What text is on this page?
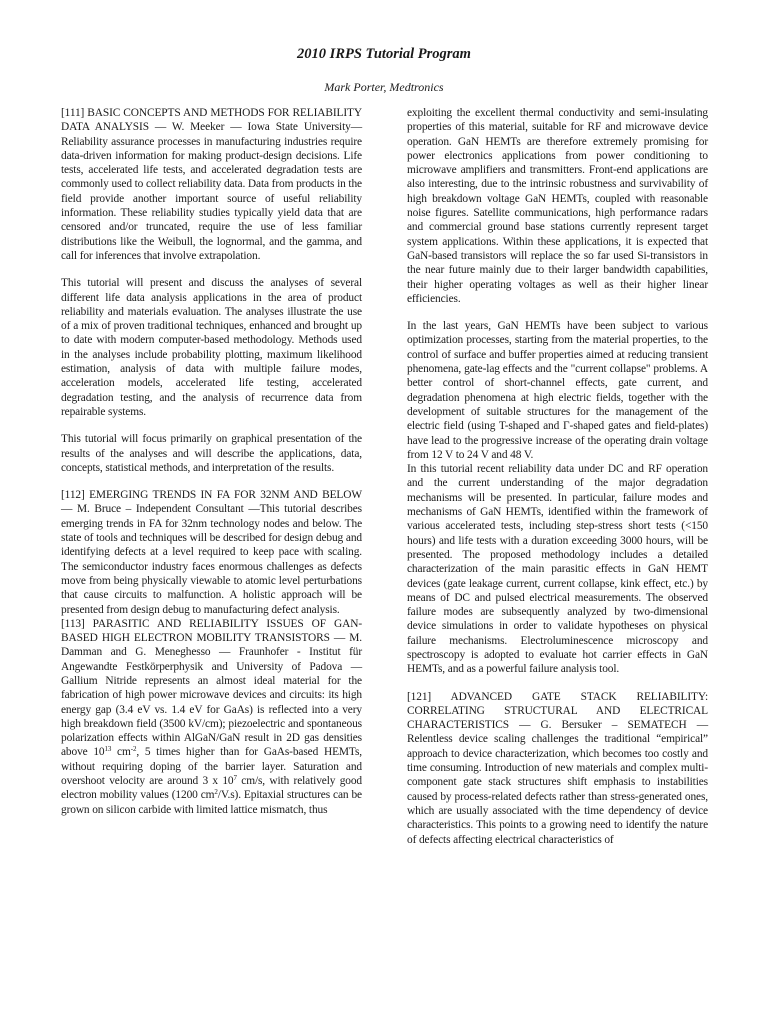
2010 IRPS Tutorial Program
Mark Porter, Medtronics

[111] BASIC CONCEPTS AND METHODS FOR RELIABILITY DATA ANALYSIS — W. Meeker — Iowa State University—Reliability assurance processes in manufacturing industries require data-driven information for making product-design decisions. Life tests, accelerated life tests, and accelerated degradation tests are commonly used to collect reliability data. Data from products in the field provide another important source of useful reliability information. These reliability studies typically yield data that are censored and/or truncated, require the use of less familiar distributions like the Weibull, the lognormal, and the gamma, and call for inferences that involve extrapolation.

This tutorial will present and discuss the analyses of several different life data analysis applications in the area of product reliability and materials evaluation. The analyses illustrate the use of a mix of proven traditional techniques, enhanced and brought up to date with modern computer-based methodology. Methods used in the analyses include probability plotting, maximum likelihood estimation, analysis of data with multiple failure modes, acceleration models, accelerated life testing, accelerated degradation testing, and the analysis of recurrence data from repairable systems.

This tutorial will focus primarily on graphical presentation of the results of the analyses and will describe the applications, data, concepts, statistical methods, and interpretation of the results.

[112] EMERGING TRENDS IN FA FOR 32NM AND BELOW — M. Bruce – Independent Consultant —This tutorial describes emerging trends in FA for 32nm technology nodes and below. The state of tools and techniques will be described for design debug and identifying defects at a level required to keep pace with scaling. The semiconductor industry faces enormous challenges as defects move from being physically viewable to atomic level perturbations that cause circuits to malfunction. A holistic approach will be presented from design debug to manufacturing defect analysis.

[113] PARASITIC AND RELIABILITY ISSUES OF GAN-BASED HIGH ELECTRON MOBILITY TRANSISTORS — M. Damman and G. Meneghesso — Fraunhofer - Institut für Angewandte Festkörperphysik and University of Padova — Gallium Nitride represents an almost ideal material for the fabrication of high power microwave devices and circuits: its high energy gap (3.4 eV vs. 1.4 eV for GaAs) is reflected into a very high breakdown field (3500 kV/cm); piezoelectric and spontaneous polarization effects within AlGaN/GaN result in 2D gas densities above $10^{13}$ $cm^{-2}$, 5 times higher than for GaAs-based HEMTs, without requiring doping of the barrier layer. Saturation and overshoot velocity are around 3 x $10^7$ cm/s, with relatively good electron mobility values (1200 $cm^2/V.s$). Epitaxial structures can be grown on silicon carbide with limited lattice mismatch, thus

exploiting the excellent thermal conductivity and semi-insulating properties of this material, suitable for RF and microwave device operation. GaN HEMTs are therefore extremely promising for power electronics applications from power conditioning to microwave amplifiers and transmitters. Front-end applications are also interesting, due to the intrinsic robustness and survivability of high breakdown voltage GaN HEMTs, coupled with reasonable noise figures. Satellite communications, high performance radars and commercial ground base stations currently represent target system applications. Within these applications, it is expected that GaN-based transistors will replace the so far used Si-transistors in the near future mainly due to their larger bandwidth capabilities, their higher operating voltages as well as their higher linear efficiencies.

In the last years, GaN HEMTs have been subject to various optimization processes, starting from the material properties, to the control of surface and buffer properties aimed at reducing transient phenomena, gate-lag effects and the "current collapse" problems. A better control of short-channel effects, gate current, and degradation phenomena at high electric fields, together with the development of suitable structures for the management of the electric field (using T-shaped and Γ-shaped gates and field-plates) have lead to the progressive increase of the operating drain voltage from 12 V to 24 V and 48 V.

In this tutorial recent reliability data under DC and RF operation and the current understanding of the major degradation mechanisms will be presented. In particular, failure modes and mechanisms of GaN HEMTs, identified within the framework of various accelerated tests, including step-stress short tests (<150 hours) and life tests with a duration exceeding 3000 hours, will be presented. The proposed methodology includes a detailed characterization of the main parasitic effects in GaN HEMT devices (gate leakage current, current collapse, kink effect, etc.) by means of DC and pulsed electrical measurements. The observed failure modes are subsequently analyzed by two-dimensional device simulations in order to validate hypotheses on physical failure mechanisms. Electroluminescence microscopy and spectroscopy is adopted to evaluate hot carrier effects in GaN HEMTs, and as a powerful failure analysis tool.

[121] ADVANCED GATE STACK RELIABILITY: CORRELATING STRUCTURAL AND ELECTRICAL CHARACTERISTICS — G. Bersuker – SEMATECH — Relentless device scaling challenges the traditional “empirical” approach to device characterization, which becomes too costly and time consuming. Introduction of new materials and complex multi-component gate stack structures shift emphasis to instabilities caused by process-related defects rather than stress-generated ones, which are usually associated with the time dependency of device characteristics. This points to a growing need to identify the nature of defects affecting electrical characteristics of
